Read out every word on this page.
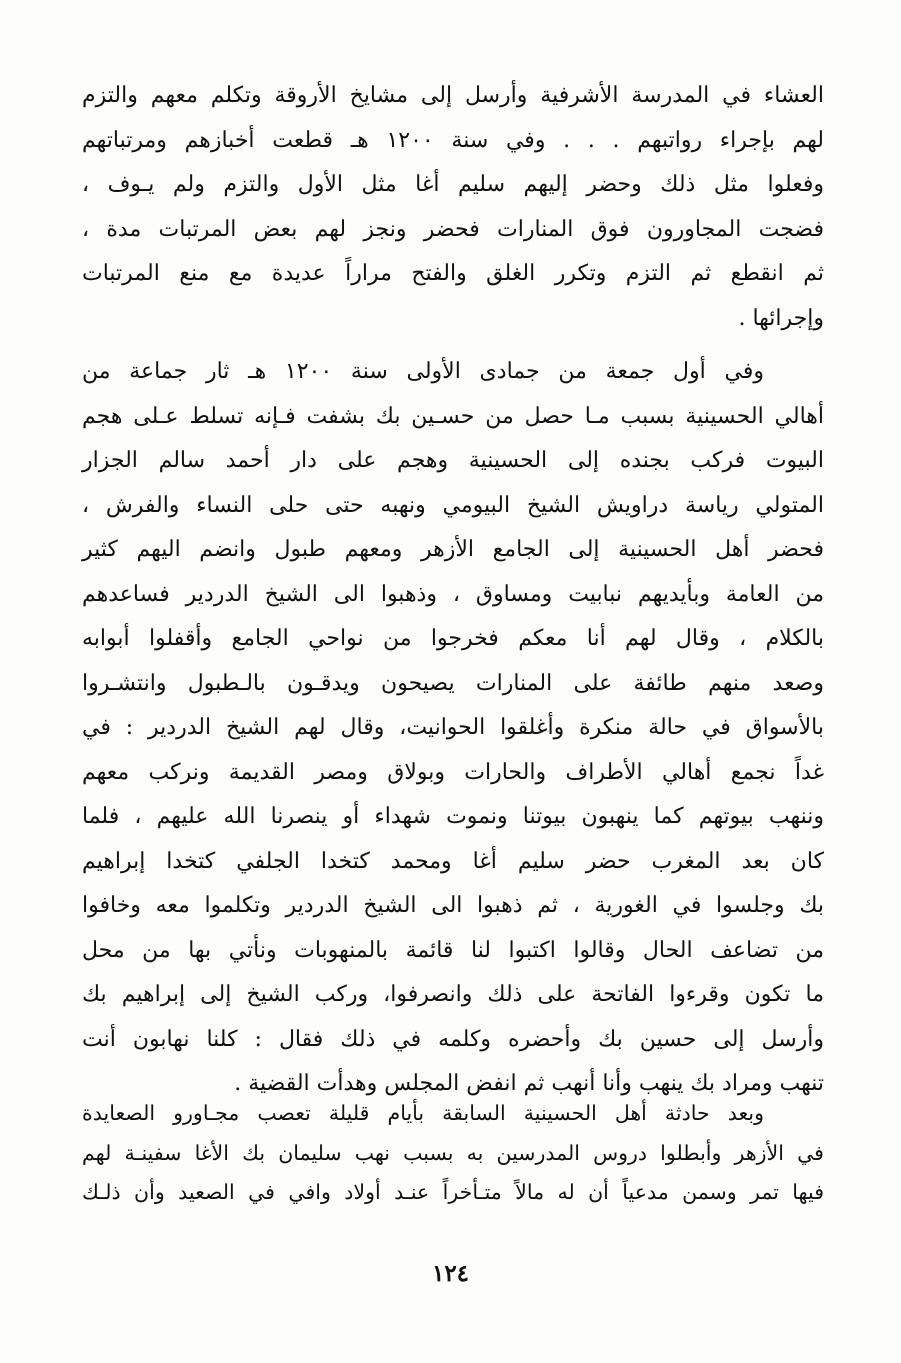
العشاء في المدرسة الأشرفية وأرسل إلى مشايخ الأروقة وتكلم معهم والتزم
لهم بإجراء رواتبهم . . . وفي سنة ١٢٠٠ هـ قطعت أخبازهم ومرتباتهم
وفعلوا مثل ذلك وحضر إليهم سليم أغا مثل الأول والتزم ولم يـوف ،
فضجت المجاورون فوق المنارات فحضر ونجز لهم بعض المرتبات مدة ،
ثم انقطع ثم التزم وتكرر الغلق والفتح مراراً عديدة مع منع المرتبات
وإجرائها .
وفي أول جمعة من جمادى الأولى سنة ١٢٠٠ هـ ثار جماعة من
أهالي الحسينية بسبب مـا حصل من حسـين بك بشفت فـإنه تسلط عـلى هجم
البيوت فركب بجنده إلى الحسينية وهجم على دار أحمد سالم الجزار
المتولي رياسة دراويش الشيخ البيومي ونهبه حتى حلى النساء والفرش ،
فحضر أهل الحسينية إلى الجامع الأزهر ومعهم طبول وانضم اليهم كثير
من العامة وبأيديهم نبابيت ومساوق ، وذهبوا الى الشيخ الدردير فساعدهم
بالكلام ، وقال لهم أنا معكم فخرجوا من نواحي الجامع وأقفلوا أبوابه
وصعد منهم طائفة على المنارات يصيحون ويدقـون بالـطبول وانتشـروا
بالأسواق في حالة منكرة وأغلقوا الحوانيت، وقال لهم الشيخ الدردير : في
غداً نجمع أهالي الأطراف والحارات وبولاق ومصر القديمة ونركب معهم
وننهب بيوتهم كما ينهبون بيوتنا ونموت شهداء أو ينصرنا الله عليهم ، فلما
كان بعد المغرب حضر سليم أغا ومحمد كتخدا الجلفي كتخدا إبراهيم
بك وجلسوا في الغورية ، ثم ذهبوا الى الشيخ الدردير وتكلموا معه وخافوا
من تضاعف الحال وقالوا اكتبوا لنا قائمة بالمنهوبات ونأتي بها من محل
ما تكون وقرءوا الفاتحة على ذلك وانصرفوا، وركب الشيخ إلى إبراهيم بك
وأرسل إلى حسين بك وأحضره وكلمه في ذلك فقال : كلنا نهابون أنت
تنهب ومراد بك ينهب وأنا أنهب ثم انفض المجلس وهدأت القضية .
وبعد حادثة أهل الحسينية السابقة بأيام قليلة تعصب مجـاورو الصعايدة
في الأزهر وأبطلوا دروس المدرسين به بسبب نهب سليمان بك الأغا سفينـة لهم
فيها تمر وسمن مدعياً أن له مالاً متـأخراً عنـد أولاد وافي في الصعيد وأن ذلـك
١٢٤
